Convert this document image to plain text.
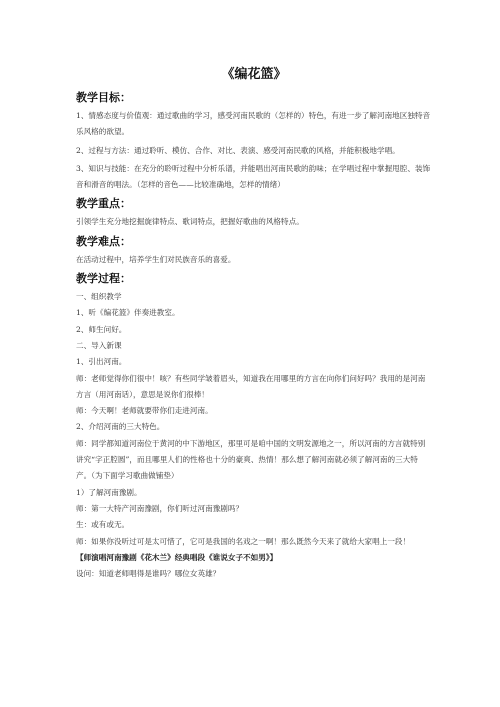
《编花篮》
教学目标：

1、情感态度与价值观：通过歌曲的学习，感受河南民歌的（怎样的）特色，有进一步了解河南地区独特音乐风格的欲望。

2、过程与方法：通过聆听、模仿、合作、对比、表演、感受河南民歌的风格，并能积极地学唱。

3、知识与技能：在充分的聆听过程中分析乐谱，并能唱出河南民歌的韵味；在学唱过程中掌握甩腔、装饰音和滑音的唱法。（怎样的音色——比较准确地，怎样的情绪）

教学重点：

引领学生充分地挖掘旋律特点、歌词特点，把握好歌曲的风格特点。

教学难点：

在活动过程中，培养学生们对民族音乐的喜爱。

教学过程：

一、组织教学

1、听《编花篮》伴奏进教室。

2、师生问好。

二、导入新课

1、引出河南。

师：老师觉得你们很中！咳？有些同学皱着眉头，知道我在用哪里的方言在向你们问好吗？我用的是河南方言（用河南话），意思是说你们很棒！

师：今天啊！老师就要带你们走进河南。

2、介绍河南的三大特色。

师：同学都知道河南位于黄河的中下游地区，那里可是咱中国的文明发源地之一，所以河南的方言就特别讲究“字正腔圆”，而且哪里人们的性格也十分的豪爽、热情！那么想了解河南就必须了解河南的三大特产。（为下面学习歌曲做铺垫）

1）了解河南豫剧。

师：第一大特产河南豫剧，你们听过河南豫剧吗？

生：或有或无。

师：如果你没听过可是太可惜了，它可是我国的名戏之一啊！那么既然今天来了就给大家唱上一段！

【师演唱河南豫剧《花木兰》经典唱段《谁说女子不如男》】

设问：知道老师唱得是谁吗？哪位女英雄？
